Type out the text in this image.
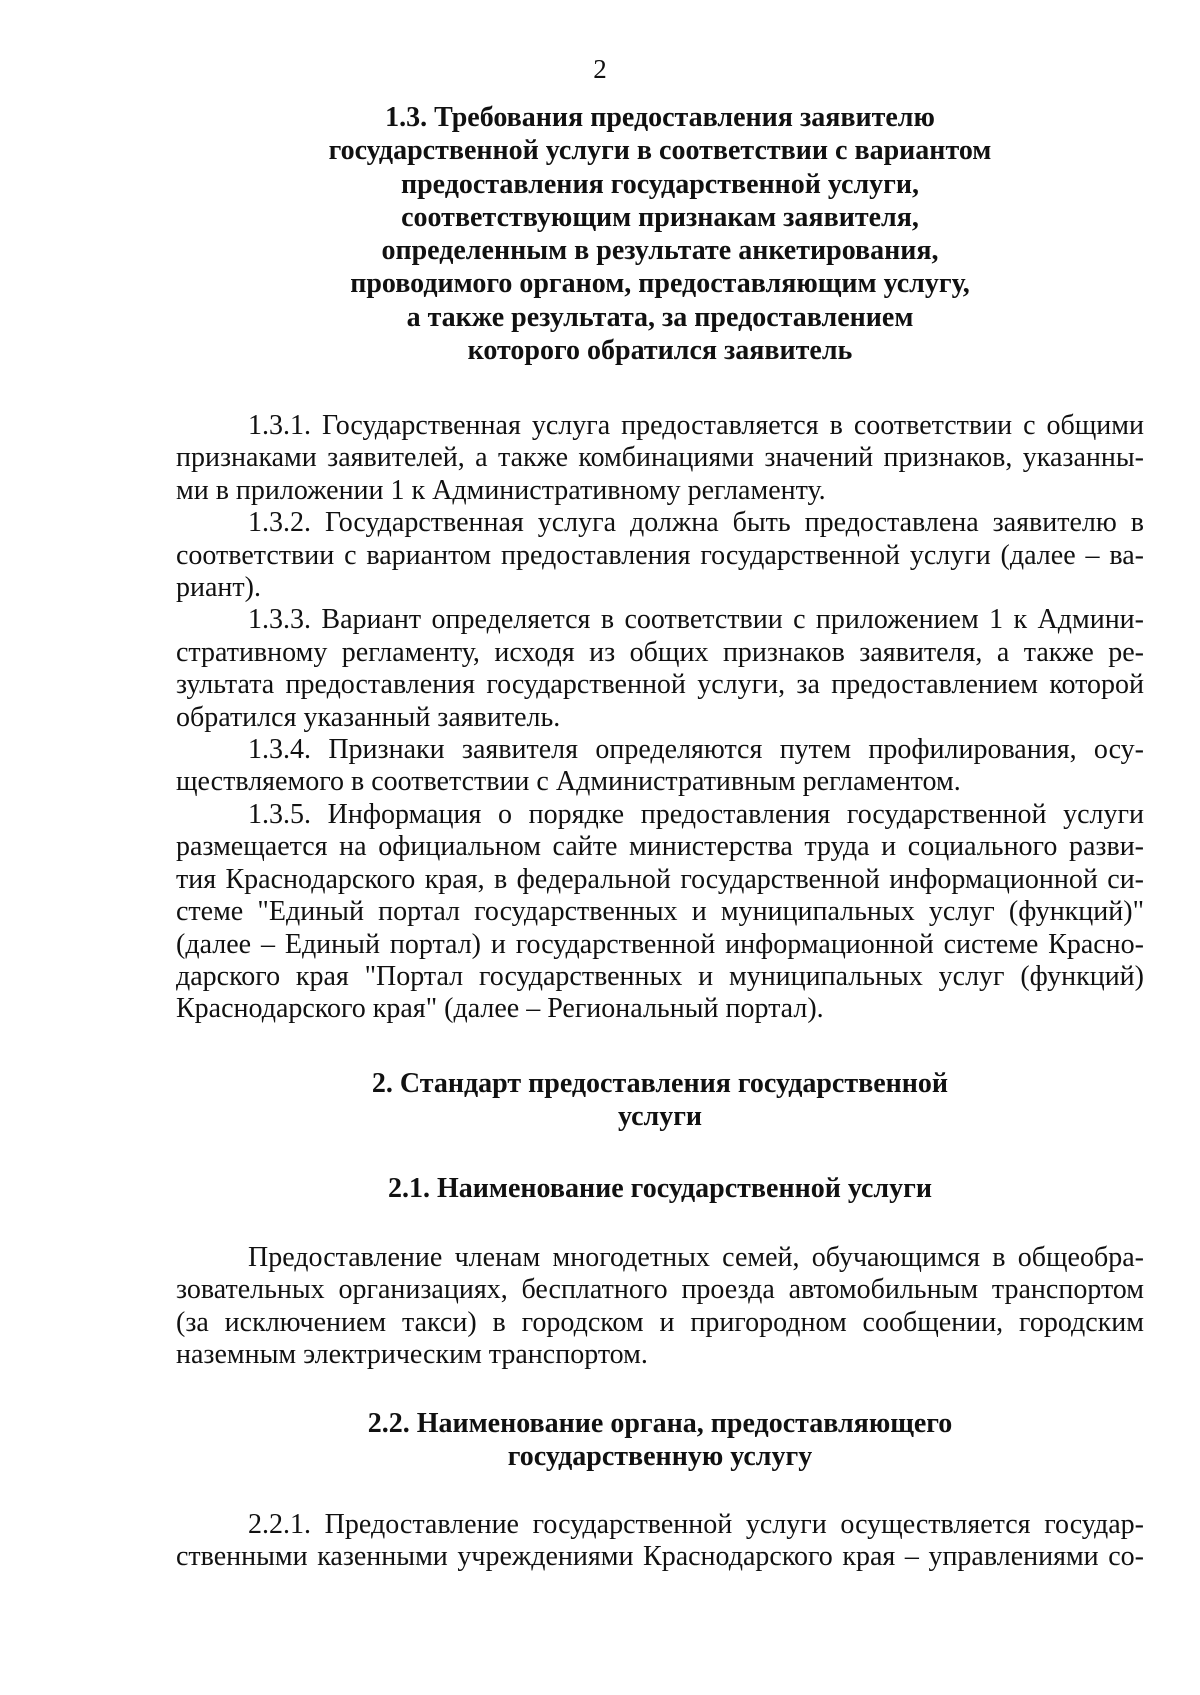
2
1.3. Требования предоставления заявителю
государственной услуги в соответствии с вариантом
предоставления государственной услуги,
соответствующим признакам заявителя,
определенным в результате анкетирования,
проводимого органом, предоставляющим услугу,
а также результата, за предоставлением
которого обратился заявитель
1.3.1. Государственная услуга предоставляется в соответствии с общими
признаками заявителей, а также комбинациями значений признаков, указанны-
ми в приложении 1 к Административному регламенту.
1.3.2. Государственная услуга должна быть предоставлена заявителю в
соответствии с вариантом предоставления государственной услуги (далее – ва-
риант).
1.3.3. Вариант определяется в соответствии с приложением 1 к Админи-
стративному регламенту, исходя из общих признаков заявителя, а также ре-
зультата предоставления государственной услуги, за предоставлением которой
обратился указанный заявитель.
1.3.4. Признаки заявителя определяются путем профилирования, осу-
ществляемого в соответствии с Административным регламентом.
1.3.5. Информация о порядке предоставления государственной услуги
размещается на официальном сайте министерства труда и социального разви-
тия Краснодарского края, в федеральной государственной информационной си-
стеме "Единый портал государственных и муниципальных услуг (функций)"
(далее – Единый портал) и государственной информационной системе Красно-
дарского края "Портал государственных и муниципальных услуг (функций)
Краснодарского края" (далее – Региональный портал).
2. Стандарт предоставления государственной
услуги
2.1. Наименование государственной услуги
Предоставление членам многодетных семей, обучающимся в общеобра-
зовательных организациях, бесплатного проезда автомобильным транспортом
(за исключением такси) в городском и пригородном сообщении, городским
наземным электрическим транспортом.
2.2. Наименование органа, предоставляющего
государственную услугу
2.2.1. Предоставление государственной услуги осуществляется государ-
ственными казенными учреждениями Краснодарского края – управлениями со-
